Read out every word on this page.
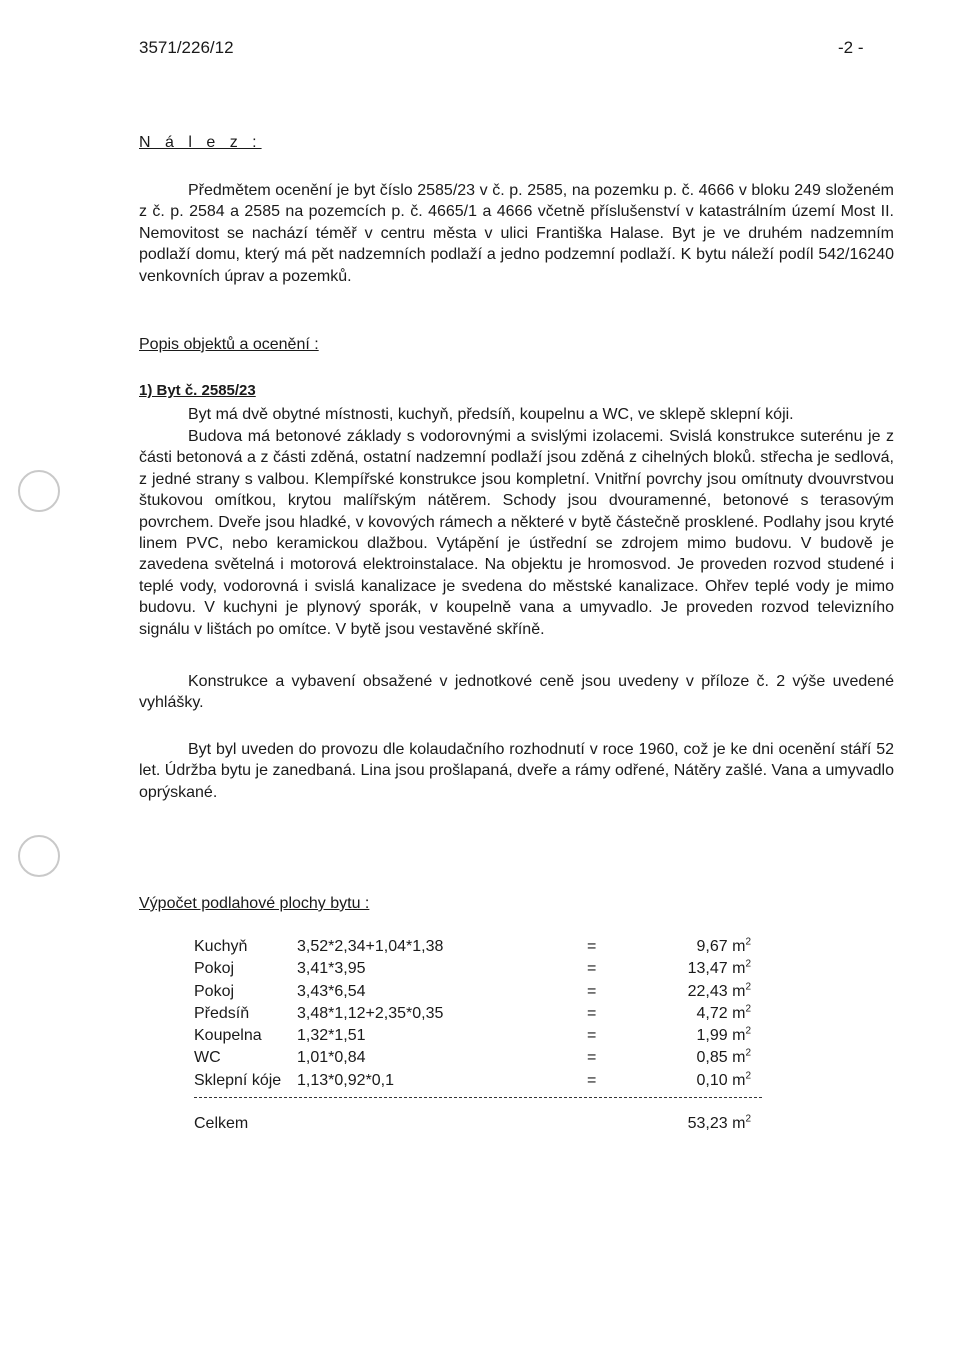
3571/226/12	-2 -
N á l e z :
Předmětem ocenění je byt číslo 2585/23 v č. p. 2585, na pozemku p. č. 4666 v bloku 249 složeném z č. p. 2584 a 2585 na pozemcích p. č. 4665/1 a 4666 včetně příslušenství v katastrálním území Most II. Nemovitost se nachází téměř v centru města v ulici Františka Halase. Byt je ve druhém nadzemním podlaží domu, který má pět nadzemních podlaží a jedno podzemní podlaží. K bytu náleží podíl 542/16240 venkovních úprav a pozemků.
Popis objektů a ocenění :
1) Byt č. 2585/23
Byt má dvě obytné místnosti, kuchyň, předsíň, koupelnu a WC, ve sklepě sklepní kóji.
Budova má betonové základy s vodorovnými a svislými izolacemi. Svislá konstrukce suterénu je z části betonová a z části zděná, ostatní nadzemní podlaží jsou zděná z cihelných bloků. střecha je sedlová, z jedné strany s valbou. Klempířské konstrukce jsou kompletní. Vnitřní povrchy jsou omítnuty dvouvrstvou štukovou omítkou, krytou malířským nátěrem. Schody jsou dvouramenné, betonové s terasovým povrchem. Dveře jsou hladké, v kovových rámech a některé v bytě částečně prosklené. Podlahy jsou kryté linem PVC, nebo keramickou dlažbou. Vytápění je ústřední se zdrojem mimo budovu. V budově je zavedena světelná i motorová elektroinstalace. Na objektu je hromosvod. Je proveden rozvod studené i teplé vody, vodorovná i svislá kanalizace je svedena do městské kanalizace. Ohřev teplé vody je mimo budovu. V kuchyni je plynový sporák, v koupelně vana a umyvadlo. Je proveden rozvod televizního signálu v lištách po omítce. V bytě jsou vestavěné skříně.
Konstrukce a vybavení obsažené v jednotkové ceně jsou uvedeny v příloze č. 2 výše uvedené vyhlášky.
Byt byl uveden do provozu dle kolaudačního rozhodnutí v roce 1960, což je ke dni ocenění stáří 52 let. Údržba bytu je zanedbaná. Lina jsou prošlapaná, dveře a rámy odřené, Nátěry zašlé. Vana a umyvadlo oprýskané.
Výpočet podlahové plochy bytu :
Kuchyň	3,52*2,34+1,04*1,38	=	9,67 $m^2$
Pokoj	3,41*3,95	=	13,47 $m^2$
Pokoj	3,43*6,54	=	22,43 $m^2$
Předsíň	3,48*1,12+2,35*0,35	=	4,72 $m^2$
Koupelna 1,32*1,51	=	1,99 $m^2$
WC	1,01*0,84	=	0,85 $m^2$
Sklepní kóje 1,13*0,92*0,1	=	0,10 $m^2$
Celkem	53,23 $m^2$
